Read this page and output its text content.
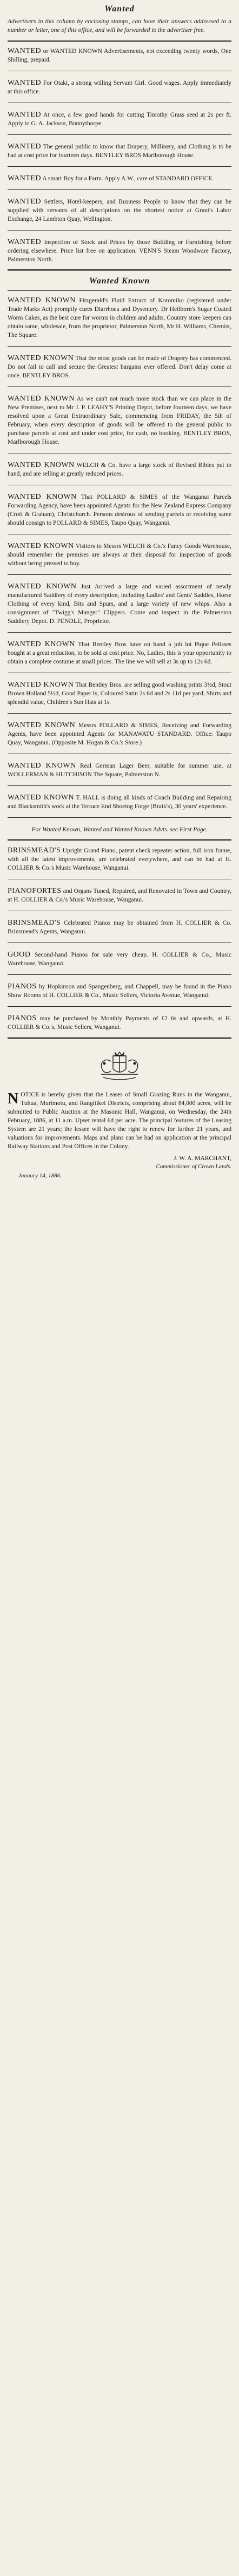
Wanted

Advertisers in this column by enclosing stamps, can have their answers addressed to a number or letter, one of this office, and will be forwarded to the advertiser free.

WANTED or WANTED KNOWN Advertisements, not exceeding twenty words, One Shilling, prepaid.

WANTED For Otaki, a strong willing Servant Girl. Good wages. Apply immediately at this office.

WANTED At once, a few good hands for cutting Timothy Grass seed at 2s per ft. Apply to G. A. Jackson, Bunnythorpe.

WANTED The general public to know that Drapery, Millinery, and Clothing is to be had at cost price for fourteen days. BENTLEY BROS Marlborough House.

WANTED A smart Boy for a Farm. Apply A.W., care of STANDARD OFFICE.

WANTED Settlers, Hotel-keepers, and Business People to know that they can be supplied with servants of all descriptions on the shortest notice at Grant's Labor Exchange, 24 Lambton Quay, Wellington.

WANTED Inspection of Stock and Prices by those Building or Furnishing before ordering elsewhere. Price list free on application. VENN'S Steam Woodware Factory, Palmerston North.

Wanted Known

WANTED KNOWN Fitzgerald's Fluid Extract of Koromiko (registered under Trade Marks Act) promptly cures Diarrhoea and Dysentery. Dr Heilborn's Sugar Coated Worm Cakes, as the best cure for worms in children and adults. Country store keepers can obtain same, wholesale, from the proprietor, Palmerston North, Mr H. Williams, Chemist, The Square.

WANTED KNOWN That the most goods can be made of Drapery has commenced. Do not fail to call and secure the Greatest bargains ever offered. Don't delay come at once. BENTLEY BROS.

WANTED KNOWN As we can't not much more stock than we can place in the New Premises, next to Mr J. P. LEAHY'S Printing Depot, before fourteen days, we have resolved upon a Great Extraordinary Sale, commencing from FRIDAY, the 5th of February, when every description of goods will be offered to the general public to purchase parcels at cost and under cost price, for cash, no booking. BENTLEY BROS, Marlborough House.

WANTED KNOWN WELCH & Co. have a large stock of Revised Bibles put to hand, and are selling at greatly reduced prices.

WANTED KNOWN That POLLARD & SIMES of the Wanganui Parcels Forwarding Agency, have been appointed Agents for the New Zealand Express Company (Croft & Graham), Christchurch. Persons desirous of sending parcels or receiving same should consign to POLLARD & SIMES, Taupo Quay, Wanganui.

WANTED KNOWN Visitors to Messrs WELCH & Co.'s Fancy Goods Warehouse, should remember the premises are always at their disposal for inspection of goods without being pressed to buy.

WANTED KNOWN Just Arrived a large and varied assortment of newly manufactured Saddlery of every description, including Ladies' and Gents' Saddles, Horse Clothing of every kind, Bits and Spurs, and a large variety of new whips. Also a consignment of "Twigg's Manger" Clippers. Come and inspect in the Palmerston Saddlery Depot. D. PENDLE, Proprietor.

WANTED KNOWN That Bentley Bros have on hand a job lot Pique Pelisses bought at a great reduction, to be sold at cost price. No, Ladies, this is your opportunity to obtain a complete costume at small prices. The line we will sell at 3s up to 12s 6d.

WANTED KNOWN That Bentley Bros. are selling good washing prints 3½d, Stout Brown Holland 5½d, Good Paper Is, Coloured Satin 2s 6d and 2s 11d per yard, Shirts and splendid value, Children's Sun Hats at 1s.

WANTED KNOWN Messrs POLLARD & SIMES, Receiving and Forwarding Agents, have been appointed Agents for MANAWATU STANDARD. Office: Taupo Quay, Wanganui. (Opposite M. Hogan & Co.'s Store.)

WANTED KNOWN Real German Lager Beer, suitable for summer use, at WOLLERMAN & HUTCHISON The Square, Palmerston N.

WANTED KNOWN T. HALL is doing all kinds of Coach Building and Repairing and Blacksmith's work at the Terrace End Shoeing Forge (Braik's), 30 years' experience.

For Wanted Known, Wanted and Wanted Known Advts. see First Page.

BRINSMEAD'S Upright Grand Piano, patent check repeater action, full iron frame, with all the latest improvements, are celebrated everywhere, and can be had at H. COLLIER & Co.'s Music Warehouse, Wanganui.

PIANOFORTES and Organs Tuned, Repaired, and Renovated in Town and Country, at H. COLLIER & Co.'s Music Warehouse, Wanganui.

BRINSMEAD'S Celebrated Pianos may be obtained from H. COLLIER & Co. Brinsmead's Agents, Wanganui.

GOOD Second-hand Pianos for sale very cheap. H. COLLIER & Co., Music Warehouse, Wanganui.

PIANOS by Hopkinson and Spangenberg, and Chappell, may be found in the Piano Show Rooms of H. COLLIER & Co., Music Sellers, Victoria Avenue, Wanganui.

PIANOS may be purchased by Monthly Payments of £2 6s and upwards, at H. COLLIER & Co.'s, Music Sellers, Wanganui.

NOTICE is hereby given that the Leases of Small Grazing Runs in the Wanganui, Tuhua, Murimotu, and Rangitikei Districts, comprising about 84,000 acres, will be submitted to Public Auction at the Masonic Hall, Wanganui, on Wednesday, the 24th February, 1886, at 11 a.m. Upset rental 6d per acre. The principal features of the Leasing System are 21 years; the lessee will have the right to renew for further 21 years, and valuations for improvements. Maps and plans can be had on application at the principal Railway Stations and Post Offices in the Colony.

J. W. A. MARCHANT,

Commissioner of Crown Lands.

January 14, 1886.
